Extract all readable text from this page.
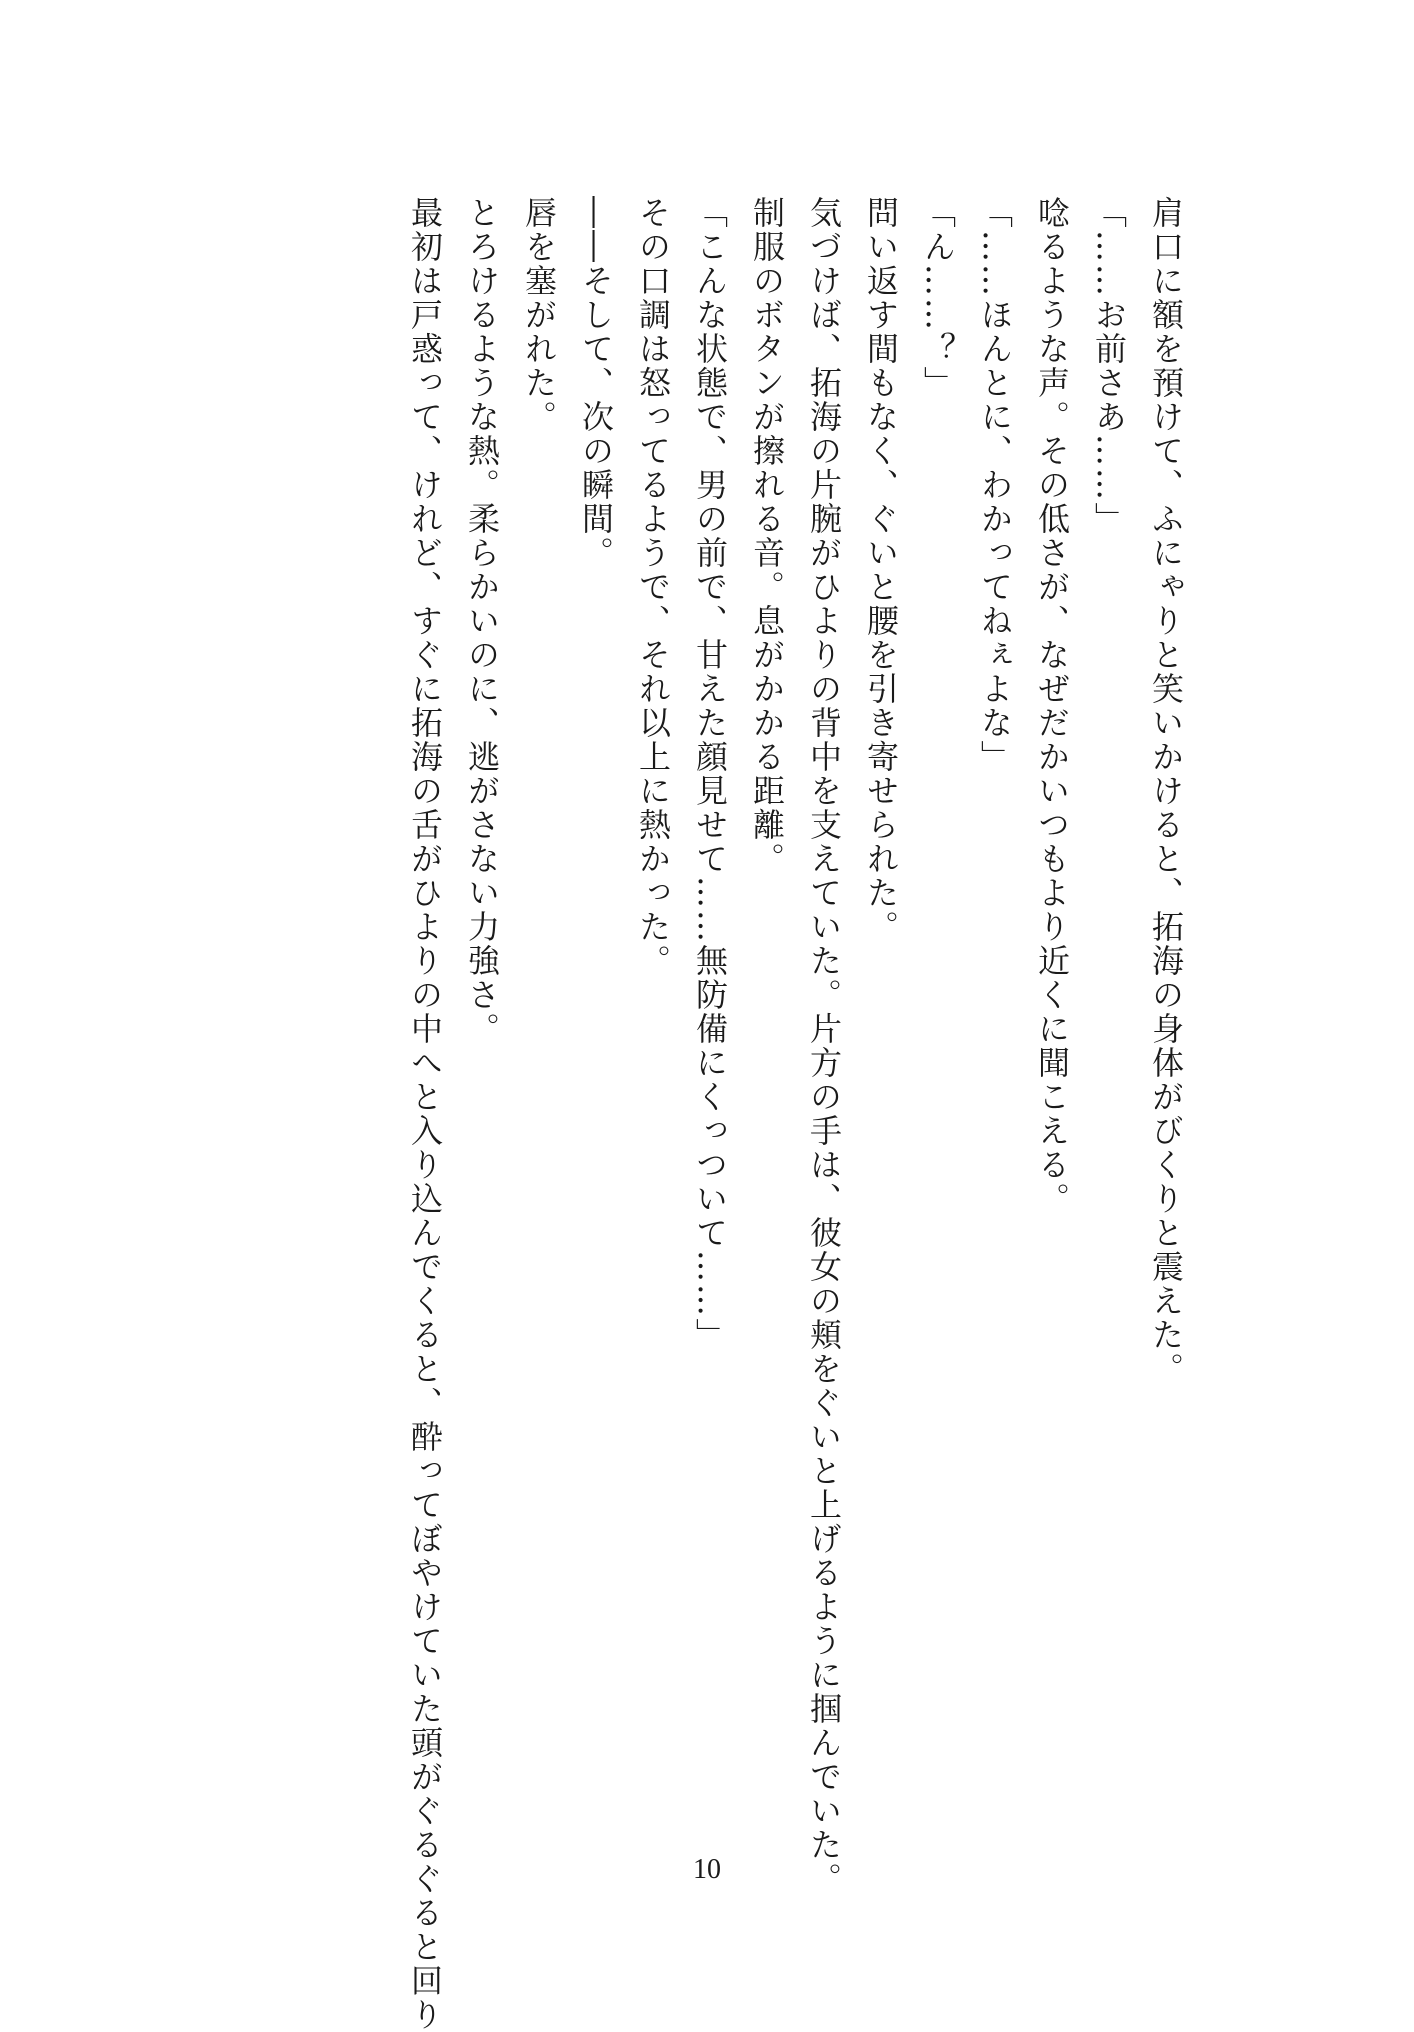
肩口に額を預けて、ふにゃりと笑いかけると、拓海の身体がびくりと震えた。

「……お前さあ……」

唸るような声。その低さが、なぜだかいつもより近くに聞こえる。

「……ほんとに、わかってねぇよな」

「ん……？」

問い返す間もなく、ぐいと腰を引き寄せられた。

気づけば、拓海の片腕がひよりの背中を支えていた。片方の手は、彼女の頬をぐいと上げるように掴んでいた。

制服のボタンが擦れる音。息がかかる距離。

「こんな状態で、男の前で、甘えた顔見せて……無防備にくっついて……」

その口調は怒ってるようで、それ以上に熱かった。

――そして、次の瞬間。

唇を塞がれた。

とろけるような熱。柔らかいのに、逃がさない力強さ。

最初は戸惑って、けれど、すぐに拓海の舌がひよりの中へと入り込んでくると、酔ってぼやけていた頭がぐるぐると回り	10
